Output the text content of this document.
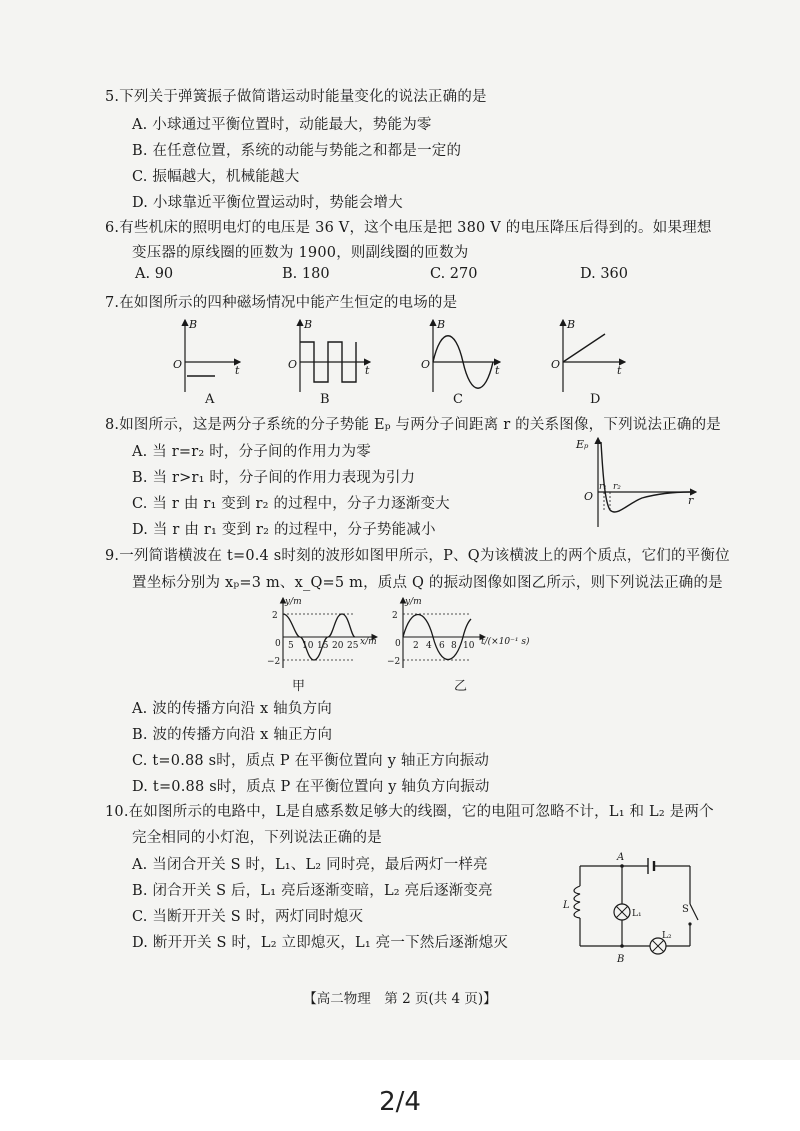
5.下列关于弹簧振子做简谐运动时能量变化的说法正确的是
A. 小球通过平衡位置时，动能最大，势能为零
B. 在任意位置，系统的动能与势能之和都是一定的
C. 振幅越大，机械能越大
D. 小球靠近平衡位置运动时，势能会增大
6.有些机床的照明电灯的电压是 36 V，这个电压是把 380 V 的电压降压后得到的。如果理想
变压器的原线圈的匝数为 1900，则副线圈的匝数为
A. 90	B. 180	C. 270	D. 360
7.在如图所示的四种磁场情况中能产生恒定的电场的是
B
O	t
B
O	t
B
O	t
B
O	t
A	B	C	D
8.如图所示，这是两分子系统的分子势能 Eₚ 与两分子间距离 r 的关系图像，下列说法正确的是
A. 当 r=r₂ 时，分子间的作用力为零
B. 当 r>r₁ 时，分子间的作用力表现为引力
C. 当 r 由 r₁ 变到 r₂ 的过程中，分子力逐渐变大
D. 当 r 由 r₁ 变到 r₂ 的过程中，分子势能减小
Eₚ
O
r₁ r₂
r
9.一列简谐横波在 t=0.4 s时刻的波形如图甲所示，P、Q为该横波上的两个质点，它们的平衡位
置坐标分别为 xₚ=3 m、x_Q=5 m，质点 Q 的振动图像如图乙所示，则下列说法正确的是
y/m
2
−2
0 5 10 15 20 25 x/m
y/m
2
−2
0 2 4 6 8 10 t/(×10⁻¹ s)
甲	乙
A. 波的传播方向沿 x 轴负方向
B. 波的传播方向沿 x 轴正方向
C. t=0.88 s时，质点 P 在平衡位置向 y 轴正方向振动
D. t=0.88 s时，质点 P 在平衡位置向 y 轴负方向振动
10.在如图所示的电路中，L是自感系数足够大的线圈，它的电阻可忽略不计，L₁ 和 L₂ 是两个
完全相同的小灯泡，下列说法正确的是
A. 当闭合开关 S 时，L₁、L₂ 同时亮，最后两灯一样亮
B. 闭合开关 S 后，L₁ 亮后逐渐变暗，L₂ 亮后逐渐变亮
C. 当断开开关 S 时，两灯同时熄灭
D. 断开开关 S 时，L₂ 立即熄灭，L₁ 亮一下然后逐渐熄灭
A
B
L
L₁
L₂
S
【高二物理　第 2 页(共 4 页)】
2/4
